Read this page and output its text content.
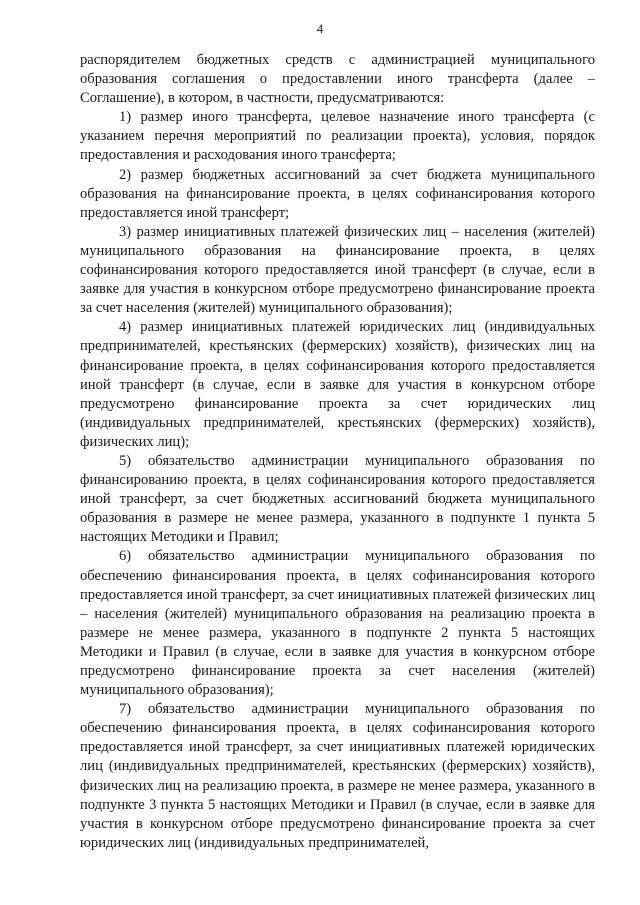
4

распорядителем бюджетных средств с администрацией муниципального образования соглашения о предоставлении иного трансферта (далее – Соглашение), в котором, в частности, предусматриваются:

1) размер иного трансферта, целевое назначение иного трансферта (с указанием перечня мероприятий по реализации проекта), условия, порядок предоставления и расходования иного трансферта;

2) размер бюджетных ассигнований за счет бюджета муниципального образования на финансирование проекта, в целях софинансирования которого предоставляется иной трансферт;

3) размер инициативных платежей физических лиц – населения (жителей) муниципального образования на финансирование проекта, в целях софинансирования которого предоставляется иной трансферт (в случае, если в заявке для участия в конкурсном отборе предусмотрено финансирование проекта за счет населения (жителей) муниципального образования);

4) размер инициативных платежей юридических лиц (индивидуальных предпринимателей, крестьянских (фермерских) хозяйств), физических лиц на финансирование проекта, в целях софинансирования которого предоставляется иной трансферт (в случае, если в заявке для участия в конкурсном отборе предусмотрено финансирование проекта за счет юридических лиц (индивидуальных предпринимателей, крестьянских (фермерских) хозяйств), физических лиц);

5) обязательство администрации муниципального образования по финансированию проекта, в целях софинансирования которого предоставляется иной трансферт, за счет бюджетных ассигнований бюджета муниципального образования в размере не менее размера, указанного в подпункте 1 пункта 5 настоящих Методики и Правил;

6) обязательство администрации муниципального образования по обеспечению финансирования проекта, в целях софинансирования которого предоставляется иной трансферт, за счет инициативных платежей физических лиц – населения (жителей) муниципального образования на реализацию проекта в размере не менее размера, указанного в подпункте 2 пункта 5 настоящих Методики и Правил (в случае, если в заявке для участия в конкурсном отборе предусмотрено финансирование проекта за счет населения (жителей) муниципального образования);

7) обязательство администрации муниципального образования по обеспечению финансирования проекта, в целях софинансирования которого предоставляется иной трансферт, за счет инициативных платежей юридических лиц (индивидуальных предпринимателей, крестьянских (фермерских) хозяйств), физических лиц на реализацию проекта, в размере не менее размера, указанного в подпункте 3 пункта 5 настоящих Методики и Правил (в случае, если в заявке для участия в конкурсном отборе предусмотрено финансирование проекта за счет юридических лиц (индивидуальных предпринимателей,
